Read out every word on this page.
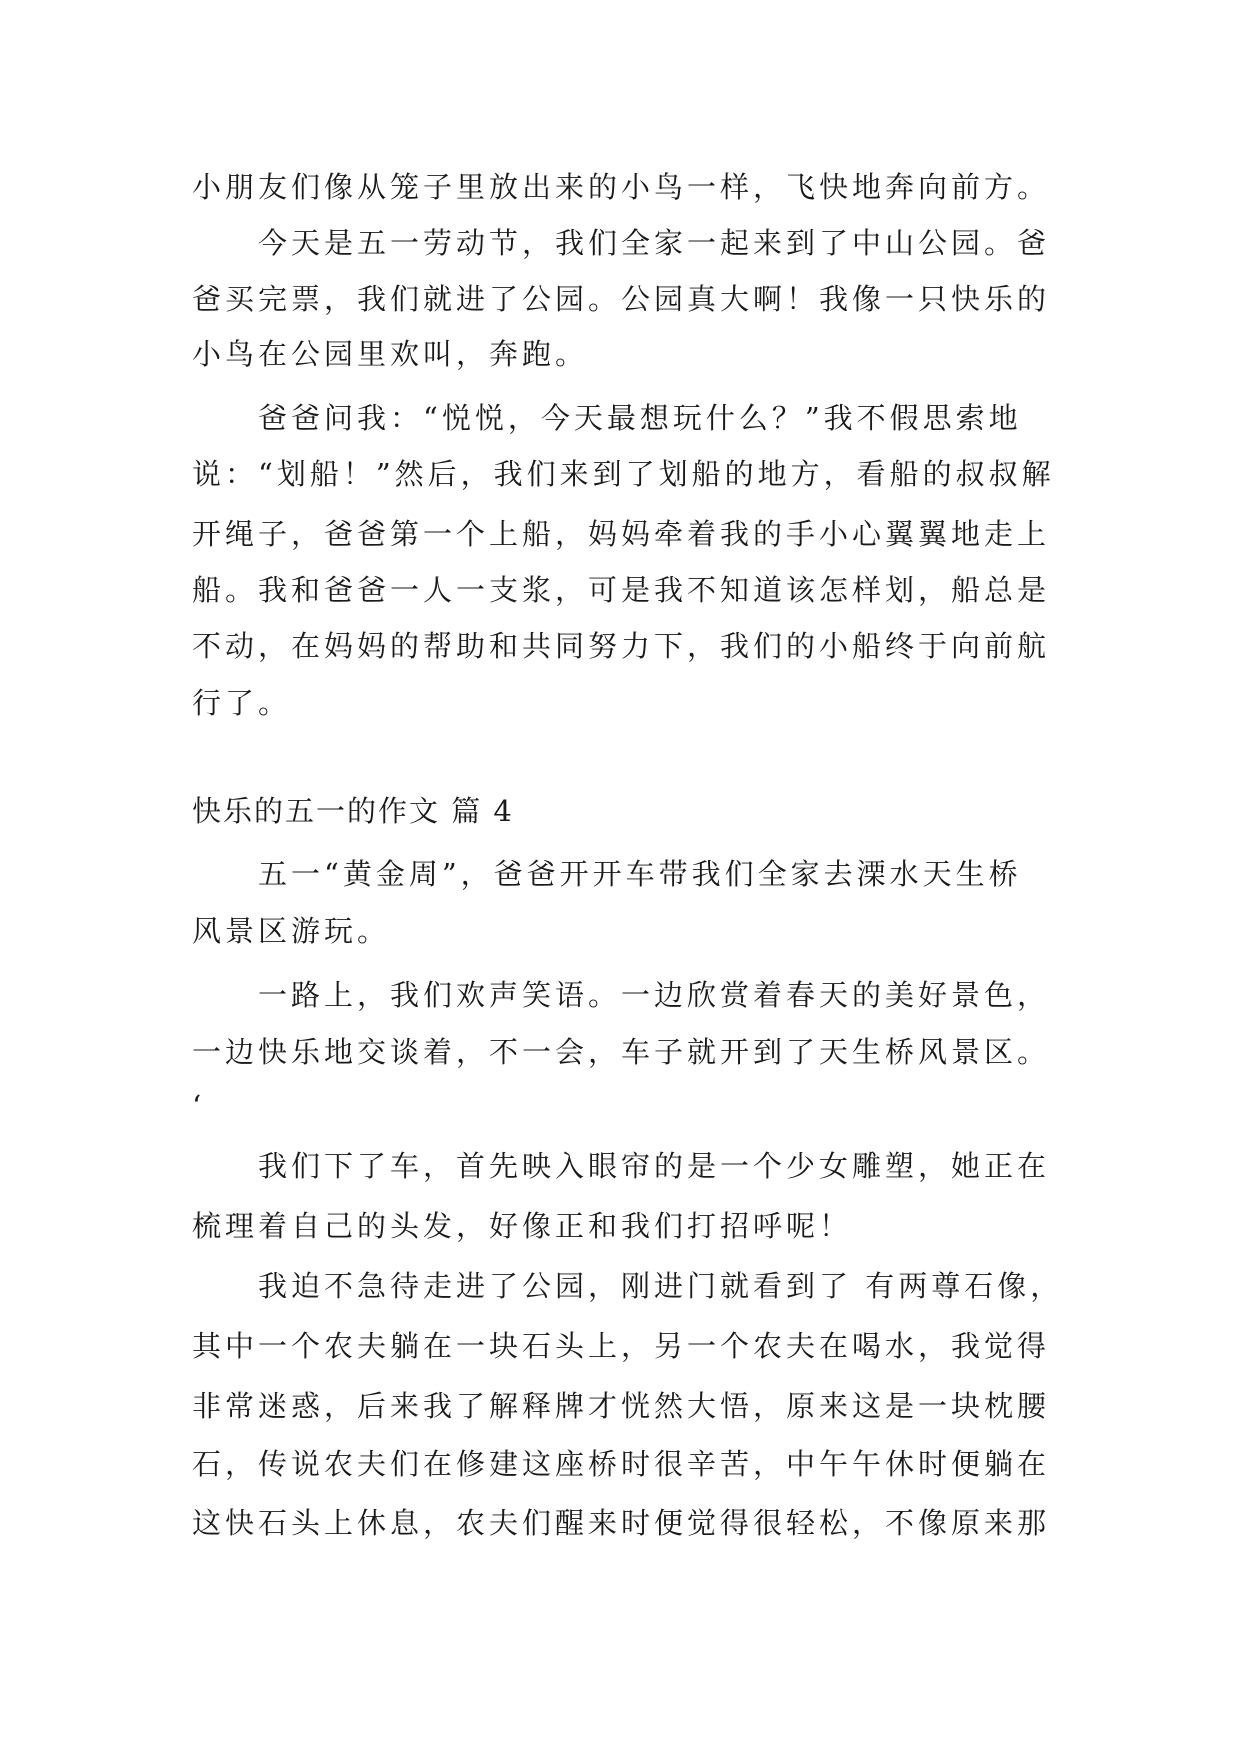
小朋友们像从笼子里放出来的小鸟一样，飞快地奔向前方。
今天是五一劳动节，我们全家一起来到了中山公园。爸
爸买完票，我们就进了公园。公园真大啊！我像一只快乐的
小鸟在公园里欢叫，奔跑。
爸爸问我：“悦悦，今天最想玩什么？”我不假思索地
说：“划船！”然后，我们来到了划船的地方，看船的叔叔解
开绳子，爸爸第一个上船，妈妈牵着我的手小心翼翼地走上
船。我和爸爸一人一支浆，可是我不知道该怎样划，船总是
不动，在妈妈的帮助和共同努力下，我们的小船终于向前航
行了。
快乐的五一的作文 篇 4
五一“黄金周”，爸爸开开车带我们全家去溧水天生桥
风景区游玩。
一路上，我们欢声笑语。一边欣赏着春天的美好景色，
一边快乐地交谈着，不一会，车子就开到了天生桥风景区。
‘
我们下了车，首先映入眼帘的是一个少女雕塑，她正在
梳理着自己的头发，好像正和我们打招呼呢！
我迫不急待走进了公园，刚进门就看到了 有两尊石像，
其中一个农夫躺在一块石头上，另一个农夫在喝水，我觉得
非常迷惑，后来我了解释牌才恍然大悟，原来这是一块枕腰
石，传说农夫们在修建这座桥时很辛苦，中午午休时便躺在
这快石头上休息，农夫们醒来时便觉得很轻松，不像原来那
